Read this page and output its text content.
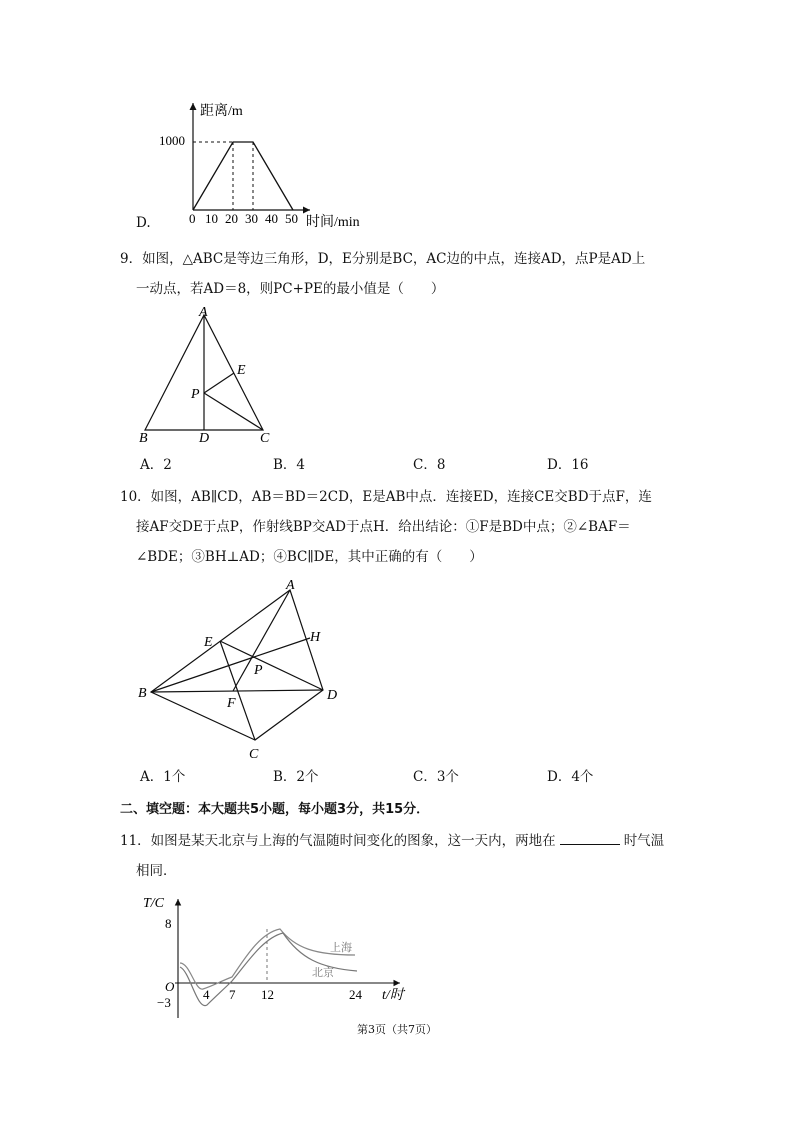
D.
距离/m
1000
时间/min
0 10 20 30 40 50
9．如图，△ABC是等边三角形，D，E分别是BC，AC边的中点，连接AD，点P是AD上
一动点，若AD＝8，则PC+PE的最小值是（　　）
A
E
P
B	D	C
A．2	B．4	C．8	D．16
10．如图，AB∥CD，AB＝BD＝2CD，E是AB中点．连接ED，连接CE交BD于点F，连
接AF交DE于点P，作射线BP交AD于点H．给出结论：①F是BD中点；②∠BAF＝
∠BDE；③BH⊥AD；④BC∥DE，其中正确的有（　　）
A
E	H
P
B	D
F
C
A．1个	B．2个	C．3个	D．4个
二、填空题：本大题共5小题，每小题3分，共15分．
11．如图是某天北京与上海的气温随时间变化的图象，这一天内，两地在	时气温
相同．
T/C
8
O
−3
4 7 12	24 t/时
上海
北京
第3页（共7页）
